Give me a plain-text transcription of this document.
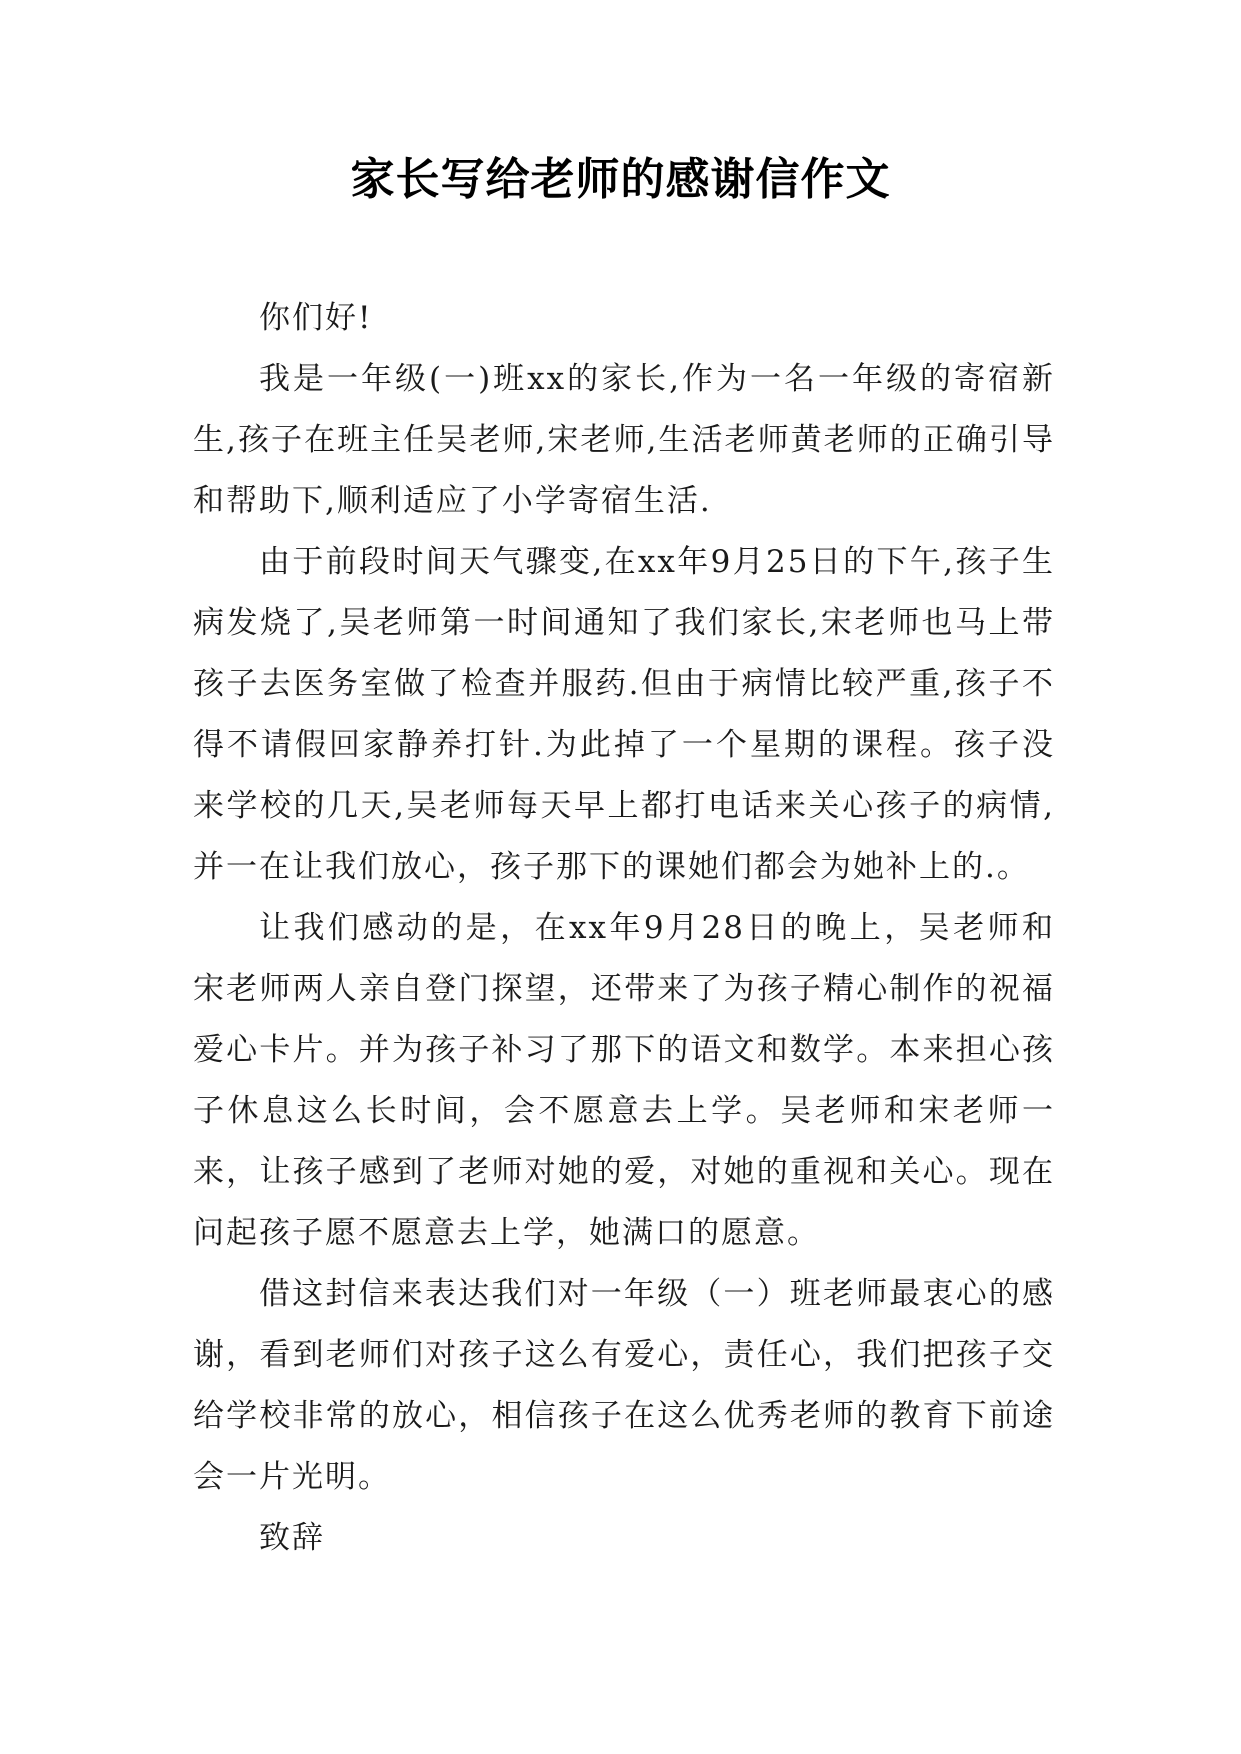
家长写给老师的感谢信作文

你们好!

我是一年级(一)班xx的家长,作为一名一年级的寄宿新生,孩子在班主任吴老师,宋老师,生活老师黄老师的正确引导和帮助下,顺利适应了小学寄宿生活.

由于前段时间天气骤变,在xx年9月25日的下午,孩子生病发烧了,吴老师第一时间通知了我们家长,宋老师也马上带孩子去医务室做了检查并服药.但由于病情比较严重,孩子不得不请假回家静养打针.为此掉了一个星期的课程。孩子没来学校的几天,吴老师每天早上都打电话来关心孩子的病情,并一在让我们放心，孩子那下的课她们都会为她补上的.。

让我们感动的是，在xx年9月28日的晚上，吴老师和宋老师两人亲自登门探望，还带来了为孩子精心制作的祝福爱心卡片。并为孩子补习了那下的语文和数学。本来担心孩子休息这么长时间，会不愿意去上学。吴老师和宋老师一来，让孩子感到了老师对她的爱，对她的重视和关心。现在问起孩子愿不愿意去上学，她满口的愿意。

借这封信来表达我们对一年级（一）班老师最衷心的感谢，看到老师们对孩子这么有爱心，责任心，我们把孩子交给学校非常的放心，相信孩子在这么优秀老师的教育下前途会一片光明。

致辞
